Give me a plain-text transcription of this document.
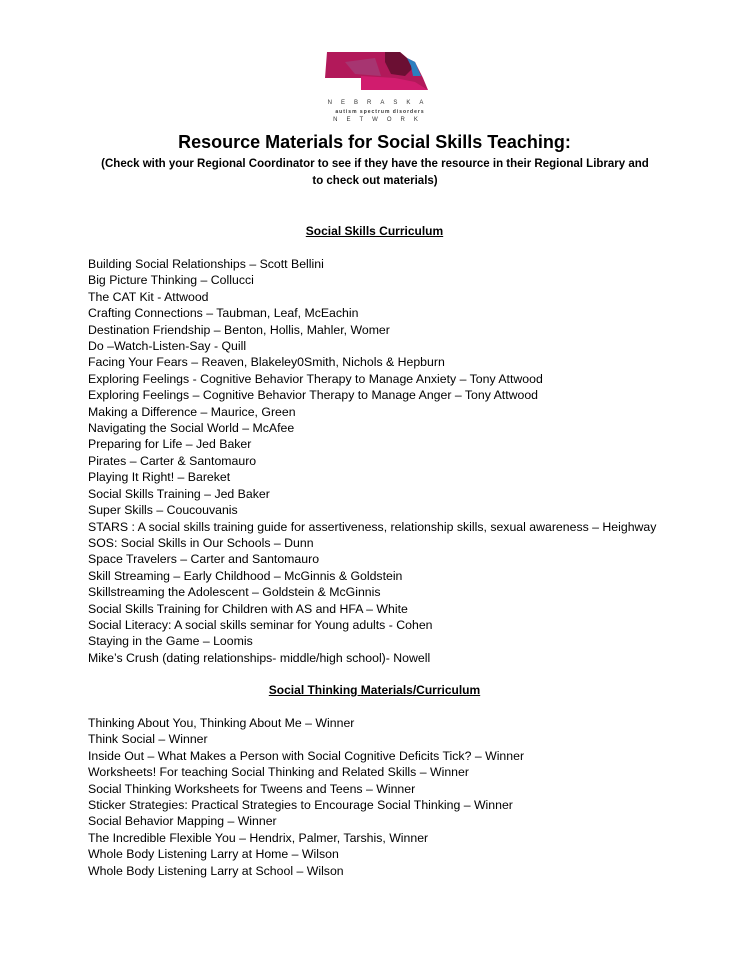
NEBRASKA
autism spectrum disorders
NETWORK
Resource Materials for Social Skills Teaching:
(Check with your Regional Coordinator to see if they have the resource in their Regional Library and to check out materials)
Social Skills Curriculum
Building Social Relationships – Scott Bellini
Big Picture Thinking – Collucci
The CAT Kit - Attwood
Crafting Connections – Taubman, Leaf, McEachin
Destination Friendship – Benton, Hollis, Mahler, Womer
Do –Watch-Listen-Say - Quill
Facing Your Fears – Reaven, Blakeley0Smith, Nichols & Hepburn
Exploring Feelings - Cognitive Behavior Therapy to Manage Anxiety – Tony Attwood
Exploring Feelings – Cognitive Behavior Therapy to Manage Anger – Tony Attwood
Making a Difference – Maurice, Green
Navigating the Social World – McAfee
Preparing for Life – Jed Baker
Pirates – Carter & Santomauro
Playing It Right! – Bareket
Social Skills Training – Jed Baker
Super Skills – Coucouvanis
STARS : A social skills training guide for assertiveness, relationship skills, sexual awareness – Heighway
SOS: Social Skills in Our Schools – Dunn
Space Travelers – Carter and Santomauro
Skill Streaming – Early Childhood – McGinnis & Goldstein
Skillstreaming the Adolescent – Goldstein & McGinnis
Social Skills Training for Children with AS and HFA – White
Social Literacy: A social skills seminar for Young adults - Cohen
Staying in the Game – Loomis
Mike’s Crush (dating relationships- middle/high school)- Nowell
Social Thinking Materials/Curriculum
Thinking About You, Thinking About Me – Winner
Think Social – Winner
Inside Out – What Makes a Person with Social Cognitive Deficits Tick? – Winner
Worksheets! For teaching Social Thinking and Related Skills – Winner
Social Thinking Worksheets for Tweens and Teens – Winner
Sticker Strategies: Practical Strategies to Encourage Social Thinking – Winner
Social Behavior Mapping – Winner
The Incredible Flexible You – Hendrix, Palmer, Tarshis, Winner
Whole Body Listening Larry at Home – Wilson
Whole Body Listening Larry at School – Wilson
